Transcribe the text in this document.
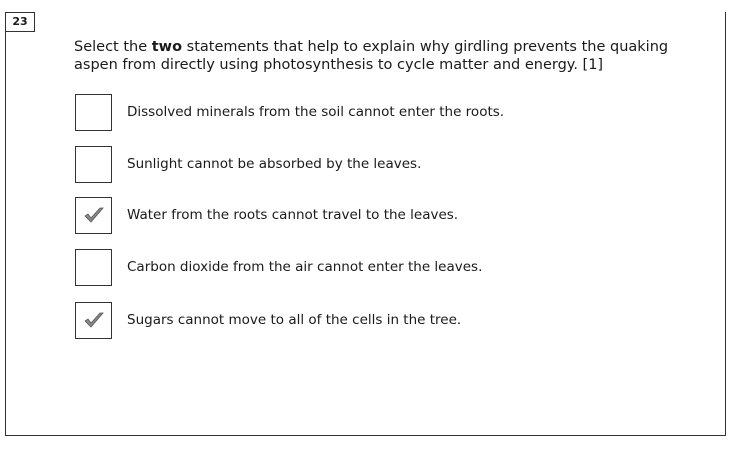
23
Select the two statements that help to explain why girdling prevents the quaking aspen from directly using photosynthesis to cycle matter and energy. [1]
Dissolved minerals from the soil cannot enter the roots.
Sunlight cannot be absorbed by the leaves.
Water from the roots cannot travel to the leaves.
Carbon dioxide from the air cannot enter the leaves.
Sugars cannot move to all of the cells in the tree.
